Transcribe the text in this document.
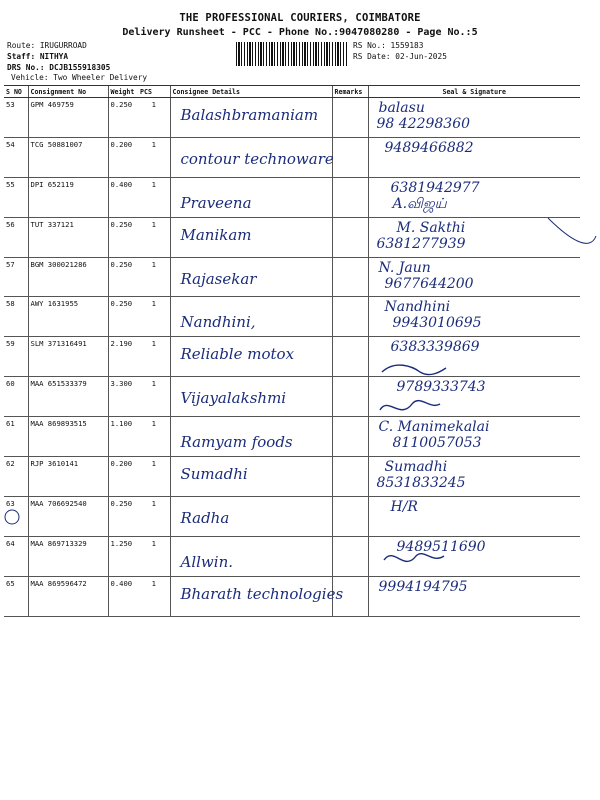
THE PROFESSIONAL COURIERS, COIMBATORE
Delivery Runsheet - PCC - Phone No.:9047080280 - Page No.:5
Route: IRUGURROAD
Staff: NITHYA
DRS No.: DCJB155918305
Vehicle: Two Wheeler Delivery
RS No.: 1559183
RS Date: 02-Jun-2025
S NO	Consignment No	Weight	PCS	Consignee Details	Remarks	Seal & Signature
53	GPM 469759	0.250	1	Balashbramaniam		balasu
98 42298360

54	TCG 50881007	0.200	1	contour technoware		9489466882

55	DPI 652119	0.400	1	Praveena		6381942977
A.விஜய்

56	TUT 337121	0.250	1	Manikam		M. Sakthi
6381277939

57	BGM 300021286	0.250	1	Rajasekar		N. Jaun
9677644200

58	AWY 1631955	0.250	1	Nandhini,		Nandhini
9943010695

59	SLM 371316491	2.190	1	Reliable motox		6383339869

60	MAA 651533379	3.300	1	Vijayalakshmi		9789333743

61	MAA 869893515	1.100	1	Ramyam foods		C. Manimekalai
8110057053

62	RJP 3610141	0.200	1	Sumadhi		Sumadhi
8531833245

63	MAA 706692540	0.250	1	Radha		H/R

64	MAA 869713329	1.250	1	Allwin.		9489511690

65	MAA 869596472	0.400	1	Bharath technologies		9994194795
